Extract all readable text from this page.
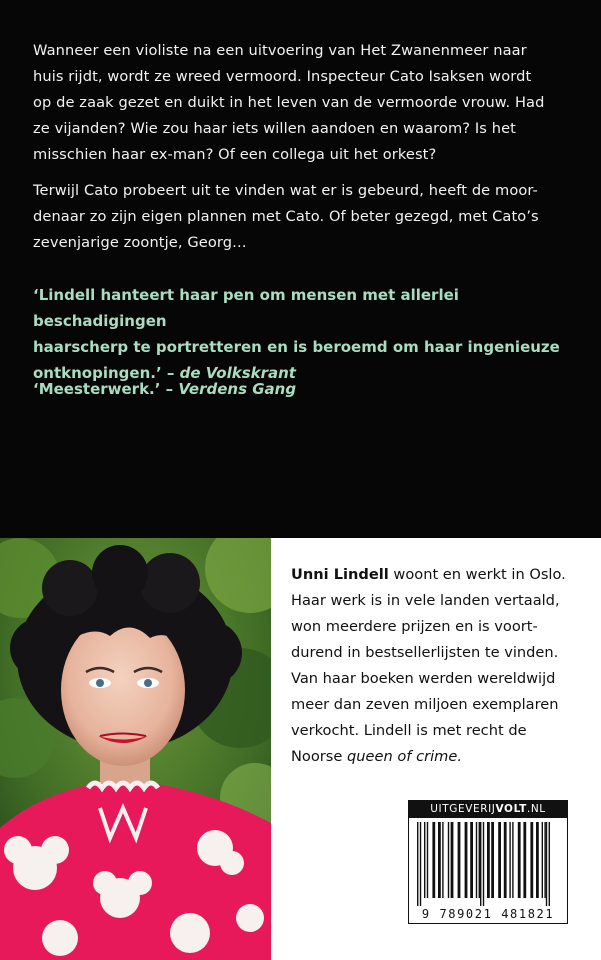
Wanneer een violiste na een uitvoering van Het Zwanenmeer naar
huis rijdt, wordt ze wreed vermoord. Inspecteur Cato Isaksen wordt
op de zaak gezet en duikt in het leven van de vermoorde vrouw. Had
ze vijanden? Wie zou haar iets willen aandoen en waarom? Is het
misschien haar ex-man? Of een collega uit het orkest?

Terwijl Cato probeert uit te vinden wat er is gebeurd, heeft de moor-
denaar zo zijn eigen plannen met Cato. Of beter gezegd, met Cato’s
zevenjarige zoontje, Georg…

‘Lindell hanteert haar pen om mensen met allerlei beschadigingen
haarscherp te portretteren en is beroemd om haar ingenieuze
ontknopingen.’ – de Volkskrant

‘Meesterwerk.’ – Verdens Gang

Unni Lindell woont en werkt in Oslo.
Haar werk is in vele landen vertaald,
won meerdere prijzen en is voort-
durend in bestsellerlijsten te vinden.
Van haar boeken werden wereldwijd
meer dan zeven miljoen exemplaren
verkocht. Lindell is met recht de
Noorse queen of crime.

UITGEVERIJVOLT.NL
9 789021 481821
